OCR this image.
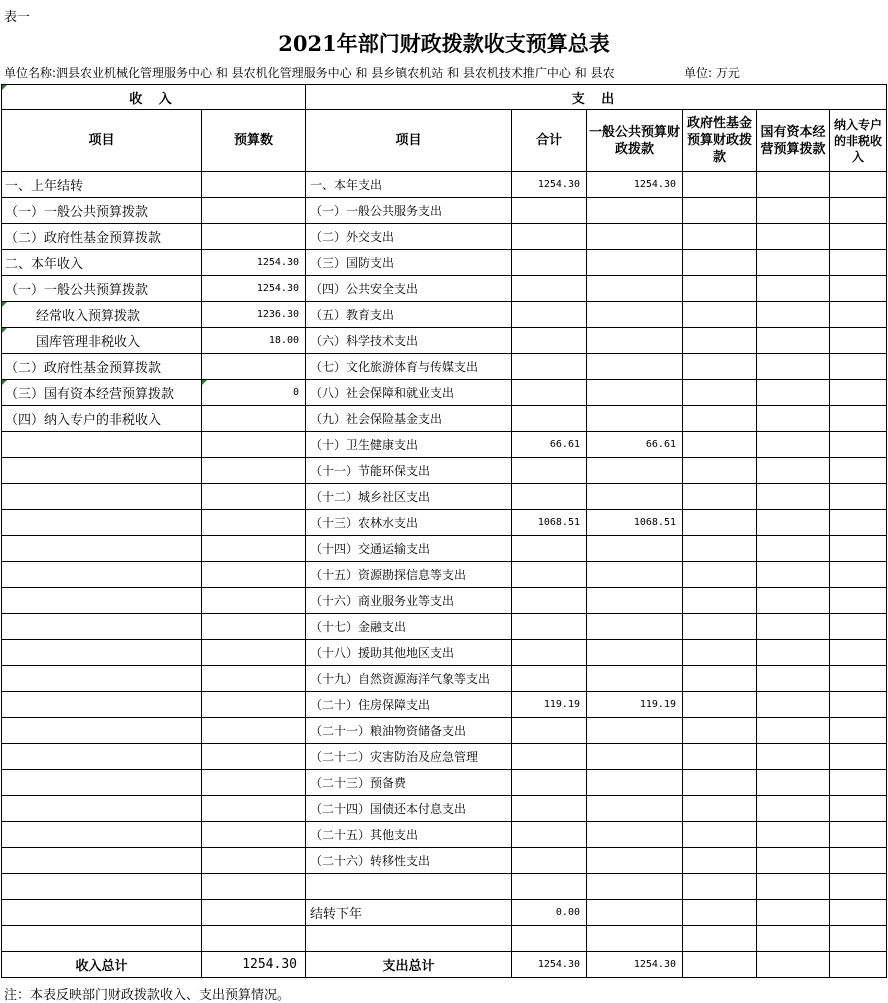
表一
2021年部门财政拨款收支预算总表
单位名称:泗县农业机械化管理服务中心 和 县农机化管理服务中心 和 县乡镇农机站 和 县农机技术推广中心 和 县农	单位: 万元
收 入		支 出					
项目	预算数	项目	合计	一般公共预算财政拨款	政府性基金预算财政拨款	国有资本经营预算拨款	纳入专户的非税收入
一、上年结转		一、本年支出	1254.30	1254.30			
（一）一般公共预算拨款		（一）一般公共服务支出					
（二）政府性基金预算拨款		（二）外交支出					
二、本年收入	1254.30	（三）国防支出					
（一）一般公共预算拨款	1254.30	（四）公共安全支出					
经常收入预算拨款	1236.30	（五）教育支出					
国库管理非税收入	18.00	（六）科学技术支出					
（二）政府性基金预算拨款		（七）文化旅游体育与传媒支出					
（三）国有资本经营预算拨款	0	（八）社会保障和就业支出					
（四）纳入专户的非税收入		（九）社会保险基金支出					
		（十）卫生健康支出	66.61	66.61			
		（十一）节能环保支出					
		（十二）城乡社区支出					
		（十三）农林水支出	1068.51	1068.51			
		（十四）交通运输支出					
		（十五）资源勘探信息等支出					
		（十六）商业服务业等支出					
		（十七）金融支出					
		（十八）援助其他地区支出					
		（十九）自然资源海洋气象等支出					
		（二十）住房保障支出	119.19	119.19			
		（二十一）粮油物资储备支出					
		（二十二）灾害防治及应急管理					
		（二十三）预备费					
		（二十四）国债还本付息支出					
		（二十五）其他支出					
		（二十六）转移性支出					

		结转下年	0.00				

收入总计	1254.30	支出总计	1254.30	1254.30			
注：本表反映部门财政拨款收入、支出预算情况。
